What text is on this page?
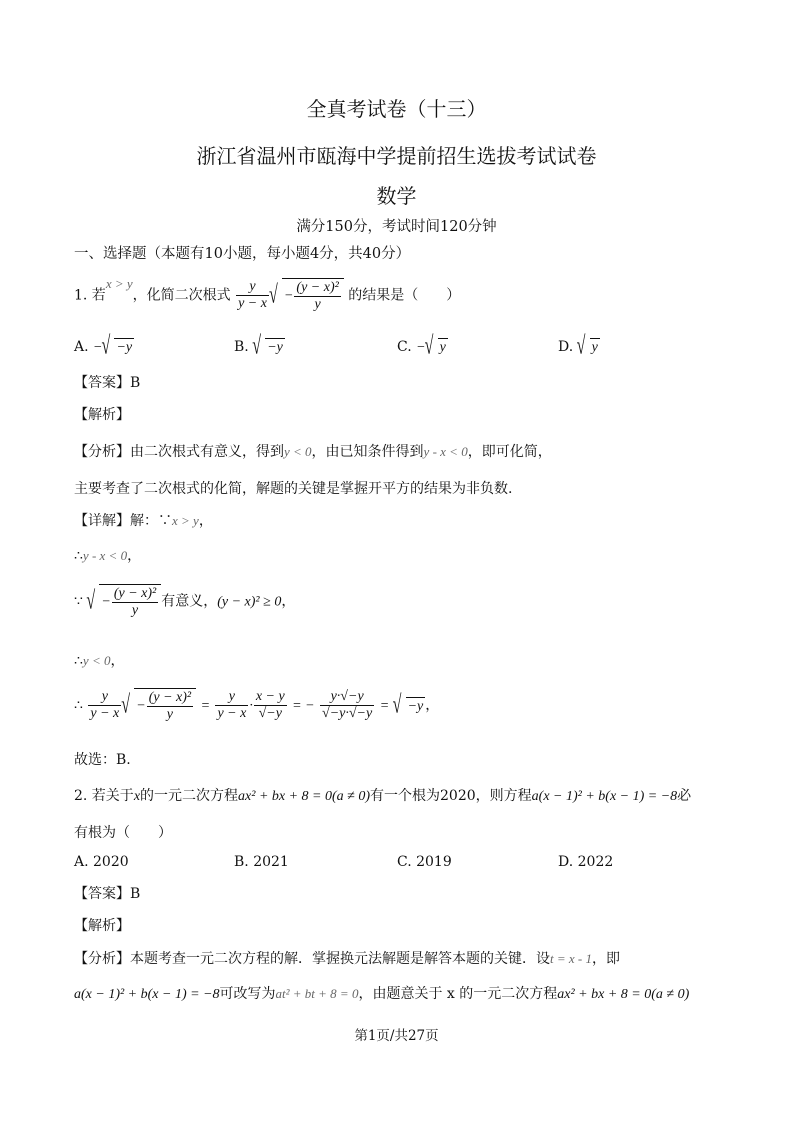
全真考试卷（十三）
浙江省温州市瓯海中学提前招生选拔考试试卷
数学
满分150分，考试时间120分钟
一、选择题（本题有10小题，每小题4分，共40分）
1. 若x > y，化简二次根式 $\frac{y}{y - x}$ √ − $\frac{\text{(y − x)²}}{y}$ 的结果是（　　）
A. − √ −y	B. √ −y	C. − √ y	D. √ y
【答案】B
【解析】
【分析】由二次根式有意义，得到y < 0，由已知条件得到y - x < 0，即可化简，
主要考查了二次根式的化简，解题的关键是掌握开平方的结果为非负数.
【详解】解：∵x > y，
∴y - x < 0，
∵ √ − $\frac{\text{(y − x)²}}{y}$ 有意义，(y − x)² ≥ 0，
∴y < 0，
∴ $\frac{y}{y - x}$ √ − $\frac{\text{(y − x)²}}{y} = \frac{y}{y - x} \cdot \frac{x - y}{√-y}$ = − $\frac{y\cdot√-y}{√-y\cdot√-y}$ = √ −y ，
故选：B.
2. 若关于x的一元二次方程ax² + bx + 8 = 0(a ≠ 0)有一个根为2020，则方程a(x − 1)² + b(x − 1) = −8必
有根为（　　）
A. 2020	B. 2021	C. 2019	D. 2022
【答案】B
【解析】
【分析】本题考查一元二次方程的解．掌握换元法解题是解答本题的关键．设t = x - 1，即
a(x − 1)² + b(x − 1) = −8可改写为at² + bt + 8 = 0，由题意关于 x 的一元二次方程ax² + bx + 8 = 0(a ≠ 0)
第1页/共27页
